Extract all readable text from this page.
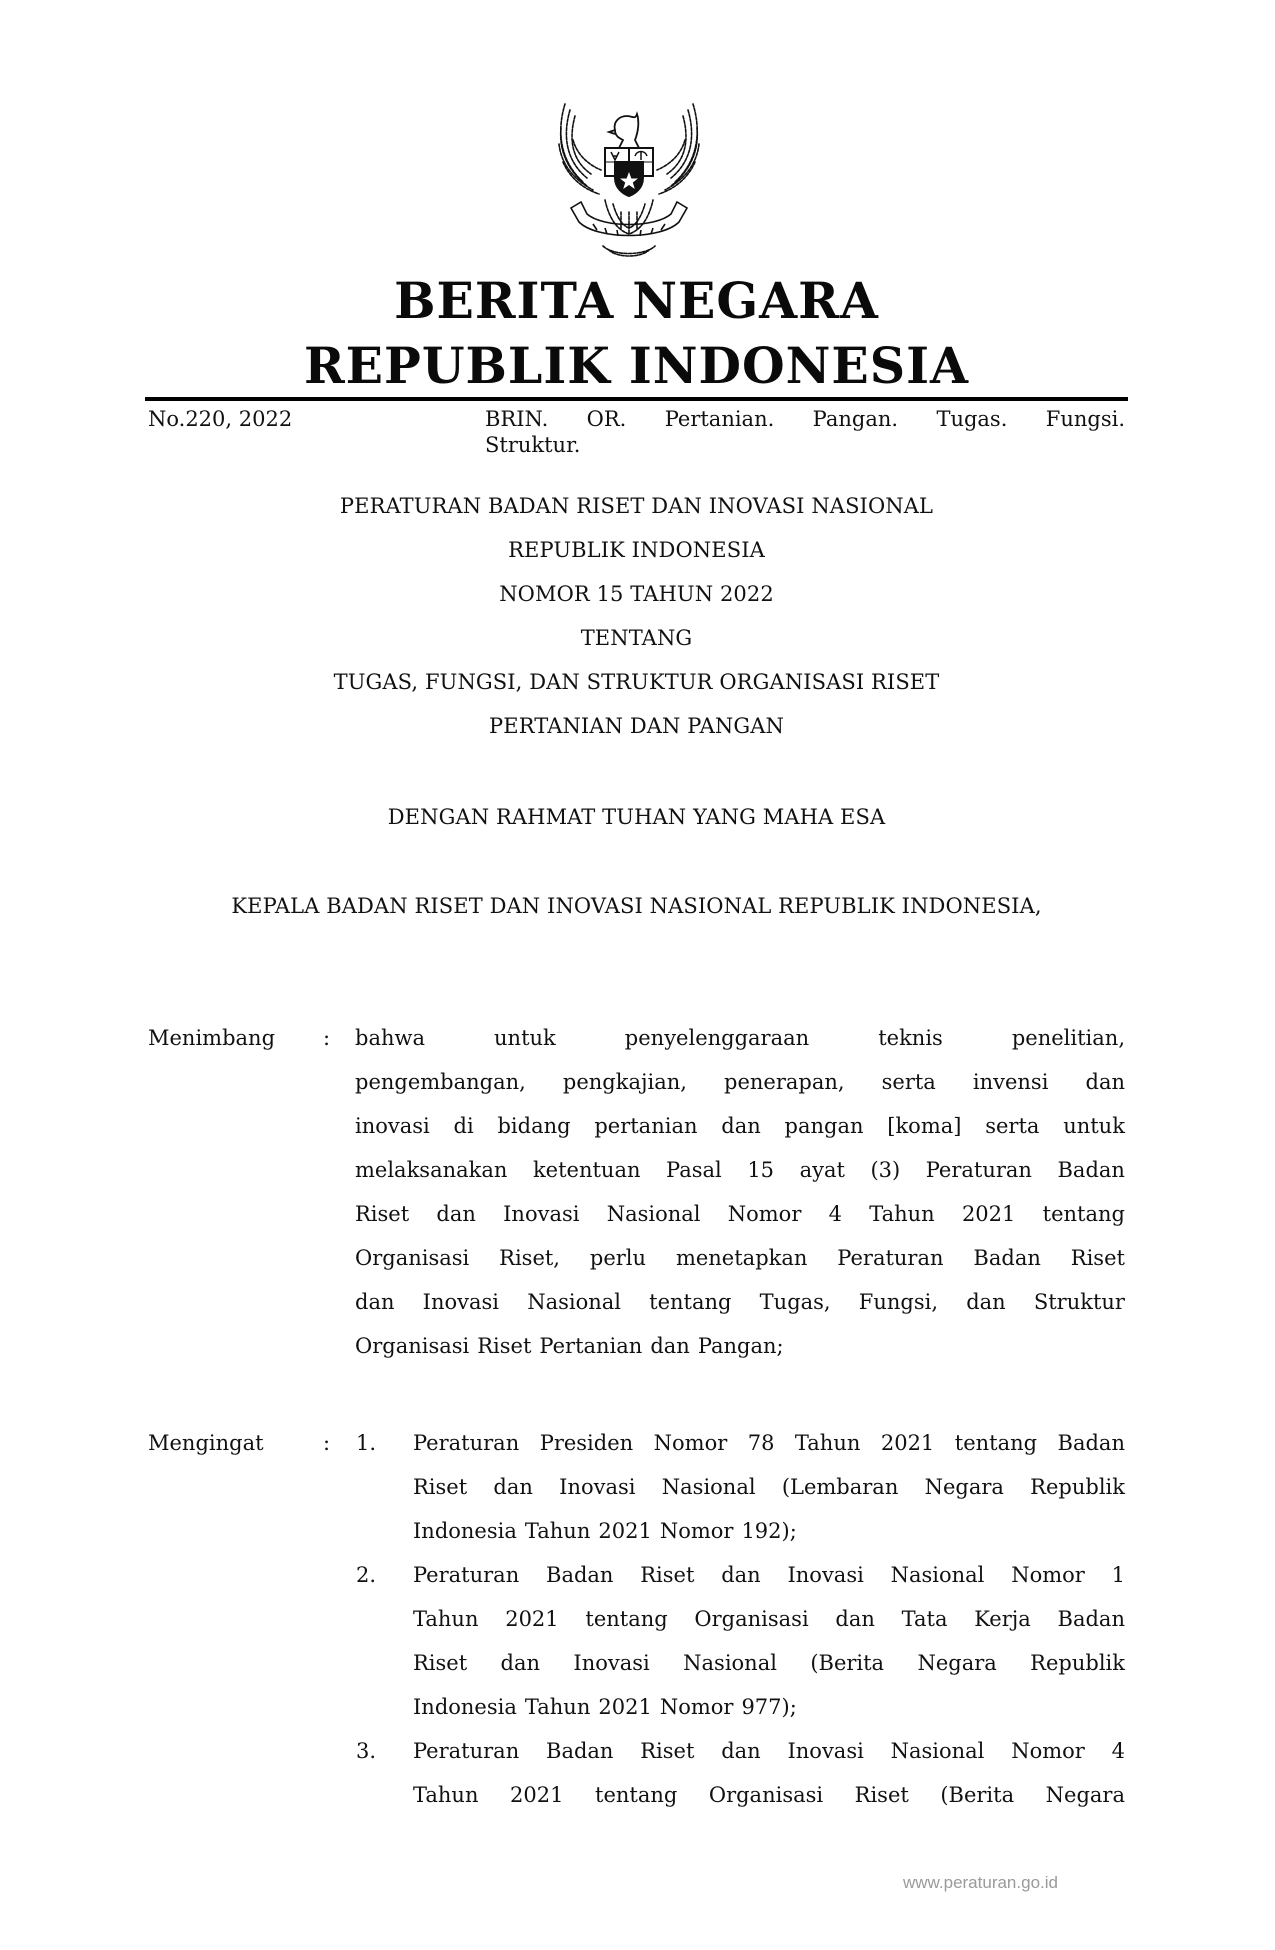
BERITA NEGARA
REPUBLIK INDONESIA
No.220, 2022	BRIN. OR. Pertanian. Pangan. Tugas. Fungsi.
Struktur.
PERATURAN BADAN RISET DAN INOVASI NASIONAL
REPUBLIK INDONESIA
NOMOR 15 TAHUN 2022
TENTANG
TUGAS, FUNGSI, DAN STRUKTUR ORGANISASI RISET
PERTANIAN DAN PANGAN
DENGAN RAHMAT TUHAN YANG MAHA ESA
KEPALA BADAN RISET DAN INOVASI NASIONAL REPUBLIK INDONESIA,
Menimbang : bahwa	untuk	penyelenggaraan	teknis	penelitian,
pengembangan, pengkajian, penerapan, serta invensi dan
inovasi di bidang pertanian dan pangan [koma] serta untuk
melaksanakan ketentuan Pasal 15 ayat (3) Peraturan Badan
Riset dan Inovasi Nasional Nomor 4 Tahun 2021 tentang
Organisasi Riset, perlu menetapkan Peraturan Badan Riset
dan Inovasi Nasional tentang Tugas, Fungsi, dan Struktur
Organisasi Riset Pertanian dan Pangan;
Mengingat	: 1. Peraturan Presiden Nomor 78 Tahun 2021 tentang Badan
Riset dan Inovasi Nasional (Lembaran Negara Republik
Indonesia Tahun 2021 Nomor 192);
2. Peraturan Badan Riset dan Inovasi Nasional Nomor 1
Tahun 2021 tentang Organisasi dan Tata Kerja Badan
Riset dan Inovasi Nasional (Berita Negara Republik
Indonesia Tahun 2021 Nomor 977);
3. Peraturan Badan Riset dan Inovasi Nasional Nomor 4
Tahun 2021 tentang Organisasi Riset (Berita Negara
www.peraturan.go.id
